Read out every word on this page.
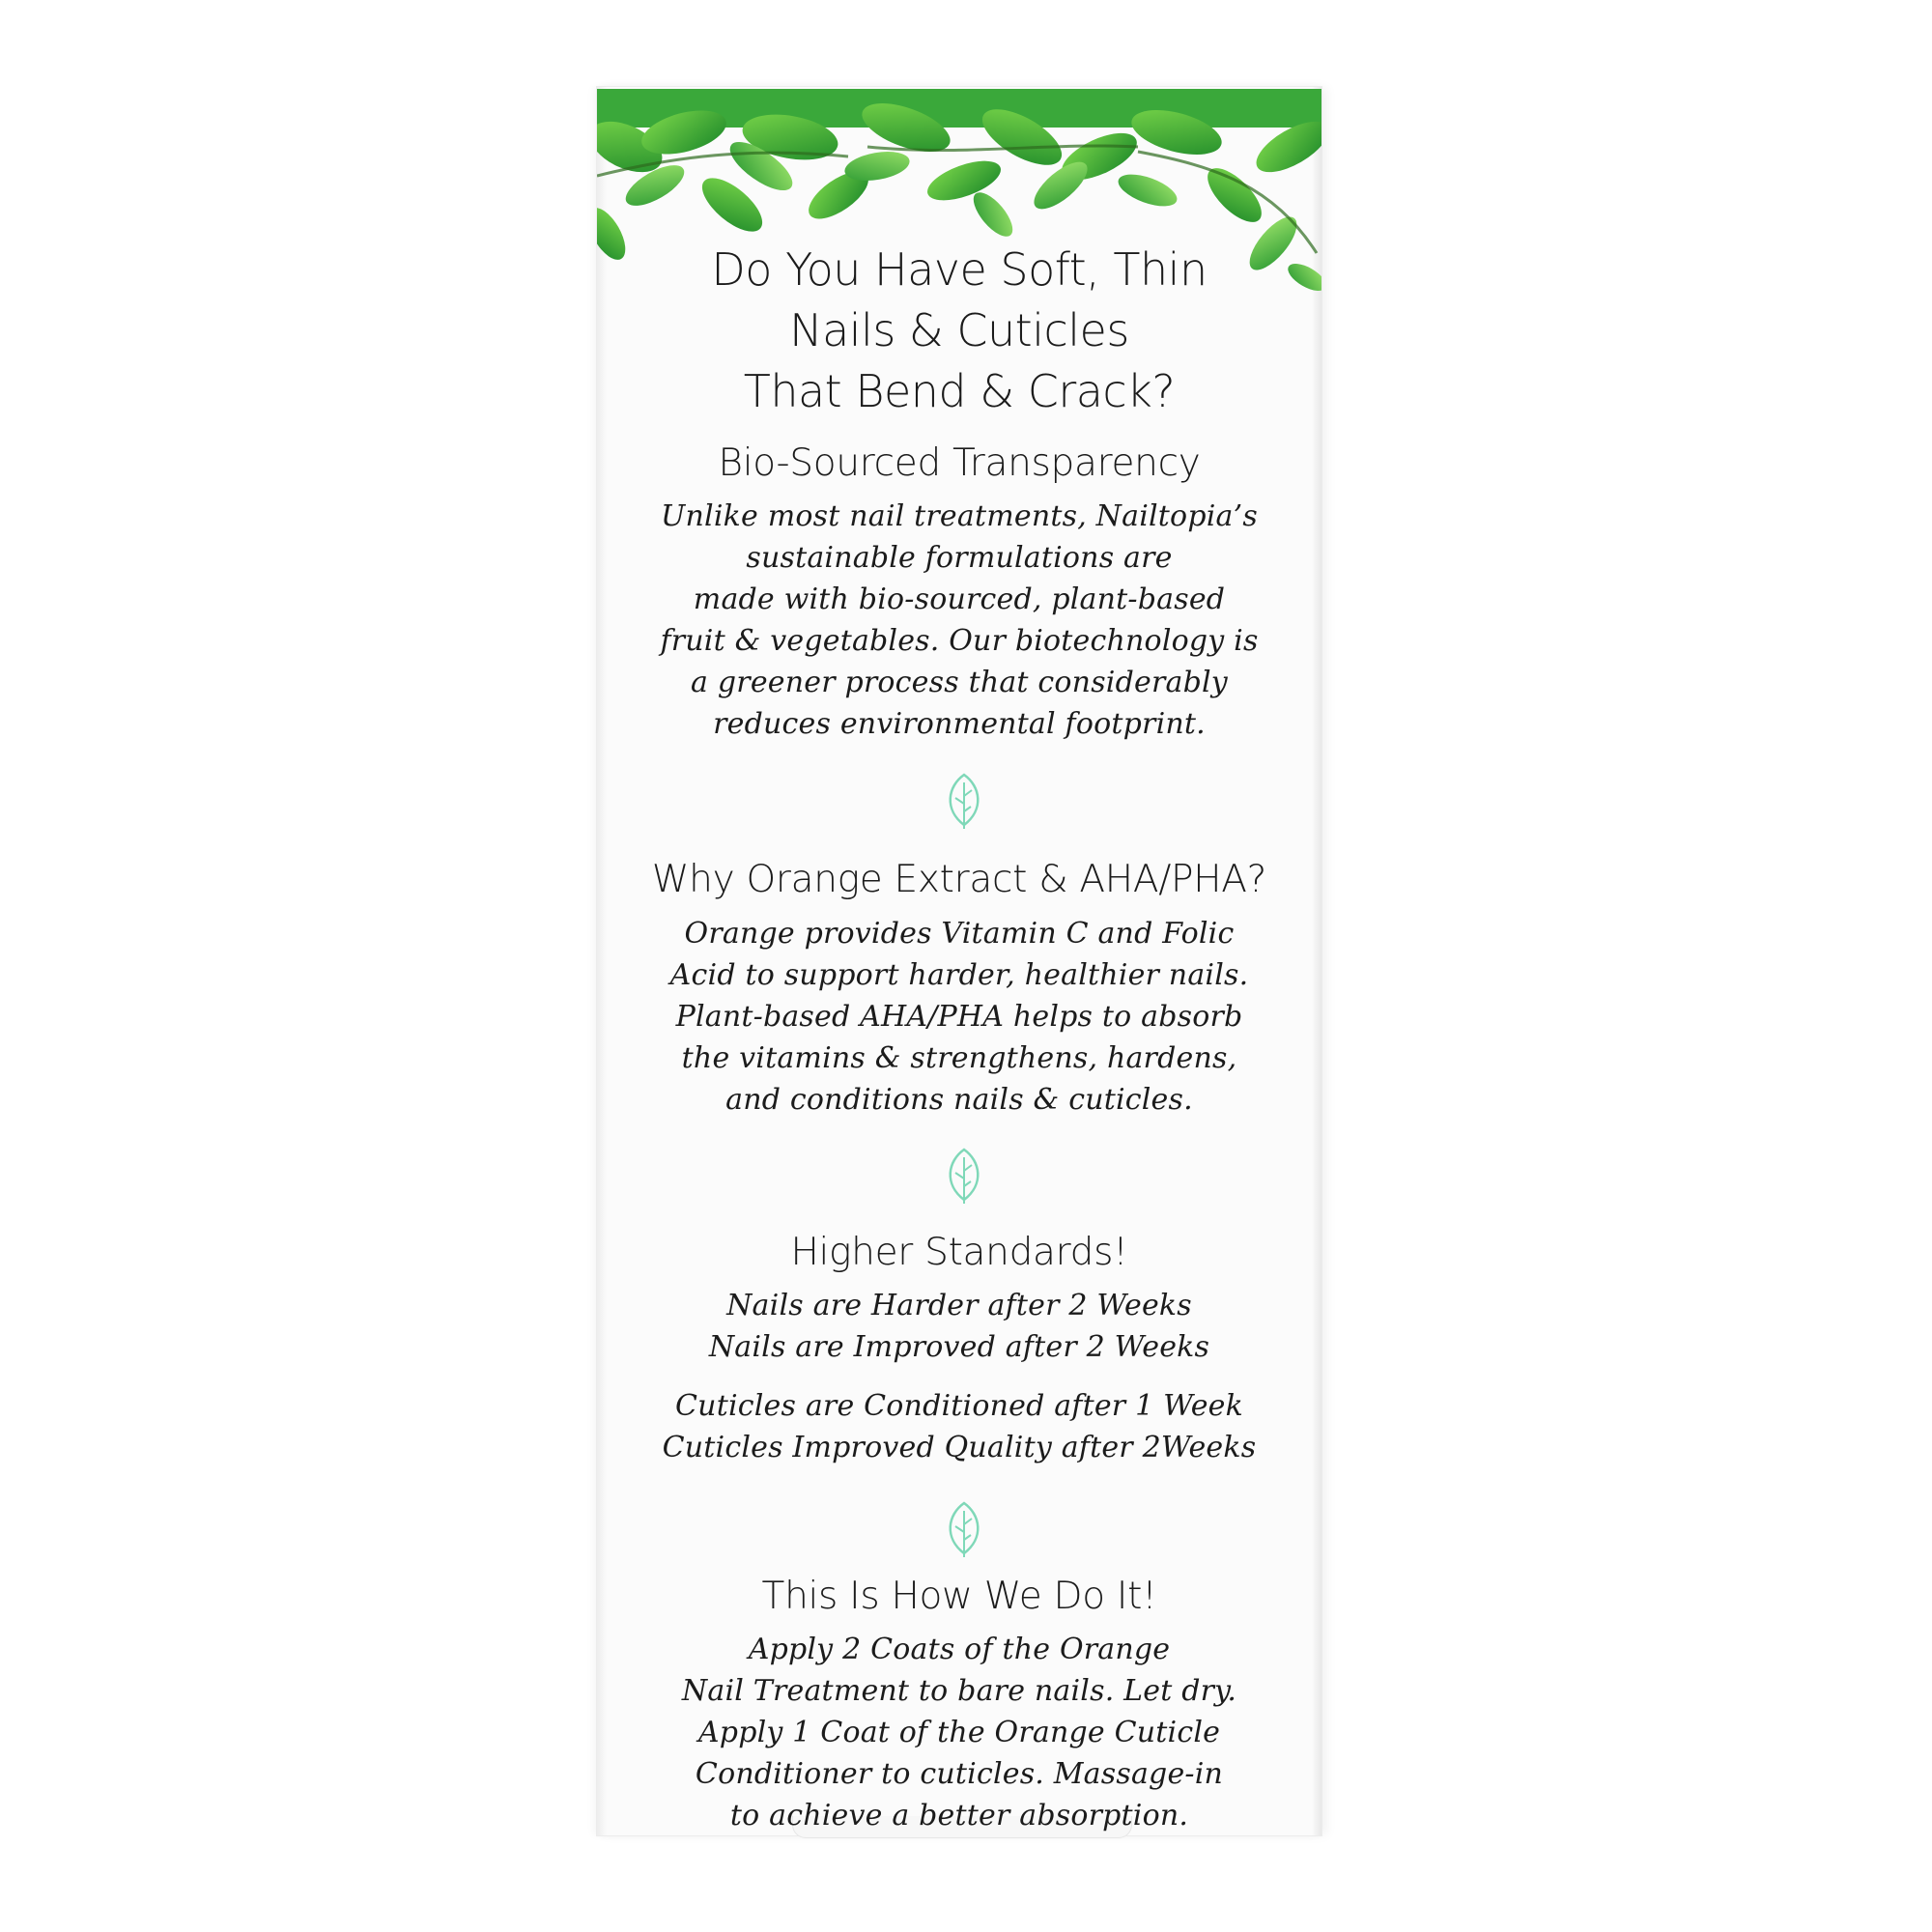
Do You Have Soft, Thin
Nails & Cuticles
That Bend & Crack?
Bio-Sourced Transparency
Unlike most nail treatments, Nailtopia’s
sustainable formulations are
made with bio-sourced, plant-based
fruit & vegetables. Our biotechnology is
a greener process that considerably
reduces environmental footprint.
Why Orange Extract & AHA/PHA?
Orange provides Vitamin C and Folic
Acid to support harder, healthier nails.
Plant-based AHA/PHA helps to absorb
the vitamins & strengthens, hardens,
and conditions nails & cuticles.
Higher Standards!
Nails are Harder after 2 Weeks
Nails are Improved after 2 Weeks
Cuticles are Conditioned after 1 Week
Cuticles Improved Quality after 2Weeks
This Is How We Do It!
Apply 2 Coats of the Orange
Nail Treatment to bare nails. Let dry.
Apply 1 Coat of the Orange Cuticle
Conditioner to cuticles. Massage-in
to achieve a better absorption.
